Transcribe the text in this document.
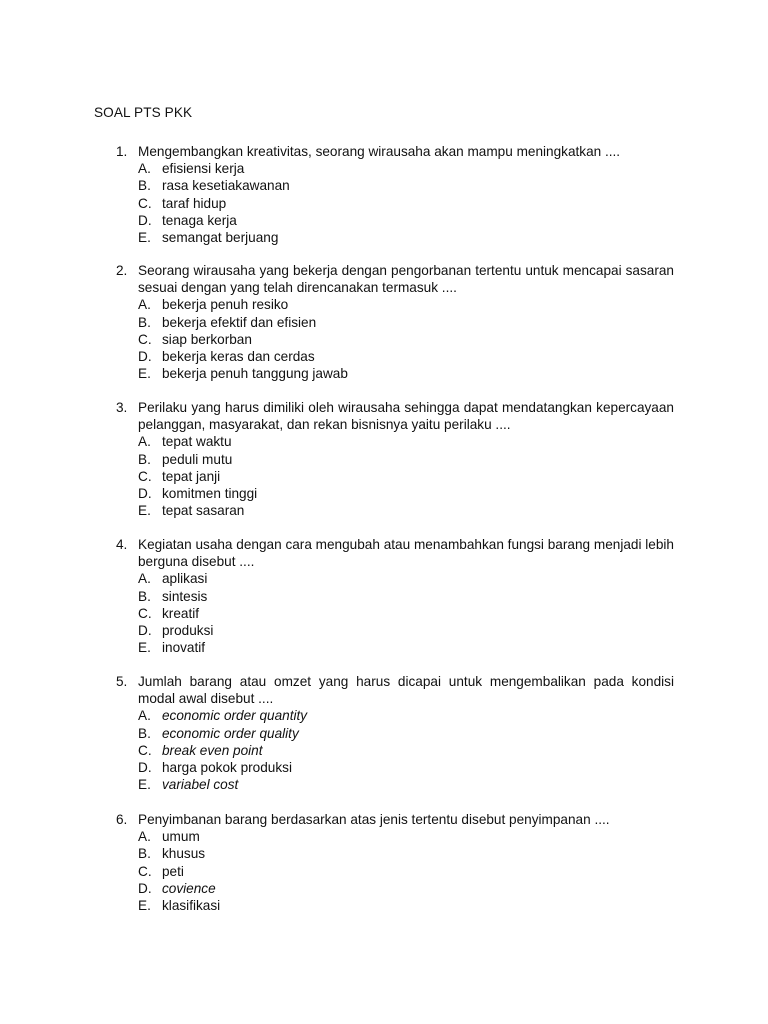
SOAL PTS PKK
1. Mengembangkan kreativitas, seorang wirausaha akan mampu meningkatkan ....
A. efisiensi kerja
B. rasa kesetiakawanan
C. taraf hidup
D. tenaga kerja
E. semangat berjuang
2. Seorang wirausaha yang bekerja dengan pengorbanan tertentu untuk mencapai sasaran sesuai dengan yang telah direncanakan termasuk ....
A. bekerja penuh resiko
B. bekerja efektif dan efisien
C. siap berkorban
D. bekerja keras dan cerdas
E. bekerja penuh tanggung jawab
3. Perilaku yang harus dimiliki oleh wirausaha sehingga dapat mendatangkan kepercayaan pelanggan, masyarakat, dan rekan bisnisnya yaitu perilaku ....
A. tepat waktu
B. peduli mutu
C. tepat janji
D. komitmen tinggi
E. tepat sasaran
4. Kegiatan usaha dengan cara mengubah atau menambahkan fungsi barang menjadi lebih berguna disebut ....
A. aplikasi
B. sintesis
C. kreatif
D. produksi
E. inovatif
5. Jumlah barang atau omzet yang harus dicapai untuk mengembalikan pada kondisi modal awal disebut ....
A. economic order quantity
B. economic order quality
C. break even point
D. harga pokok produksi
E. variabel cost
6. Penyimbanan barang berdasarkan atas jenis tertentu disebut penyimpanan ....
A. umum
B. khusus
C. peti
D. covience
E. klasifikasi
